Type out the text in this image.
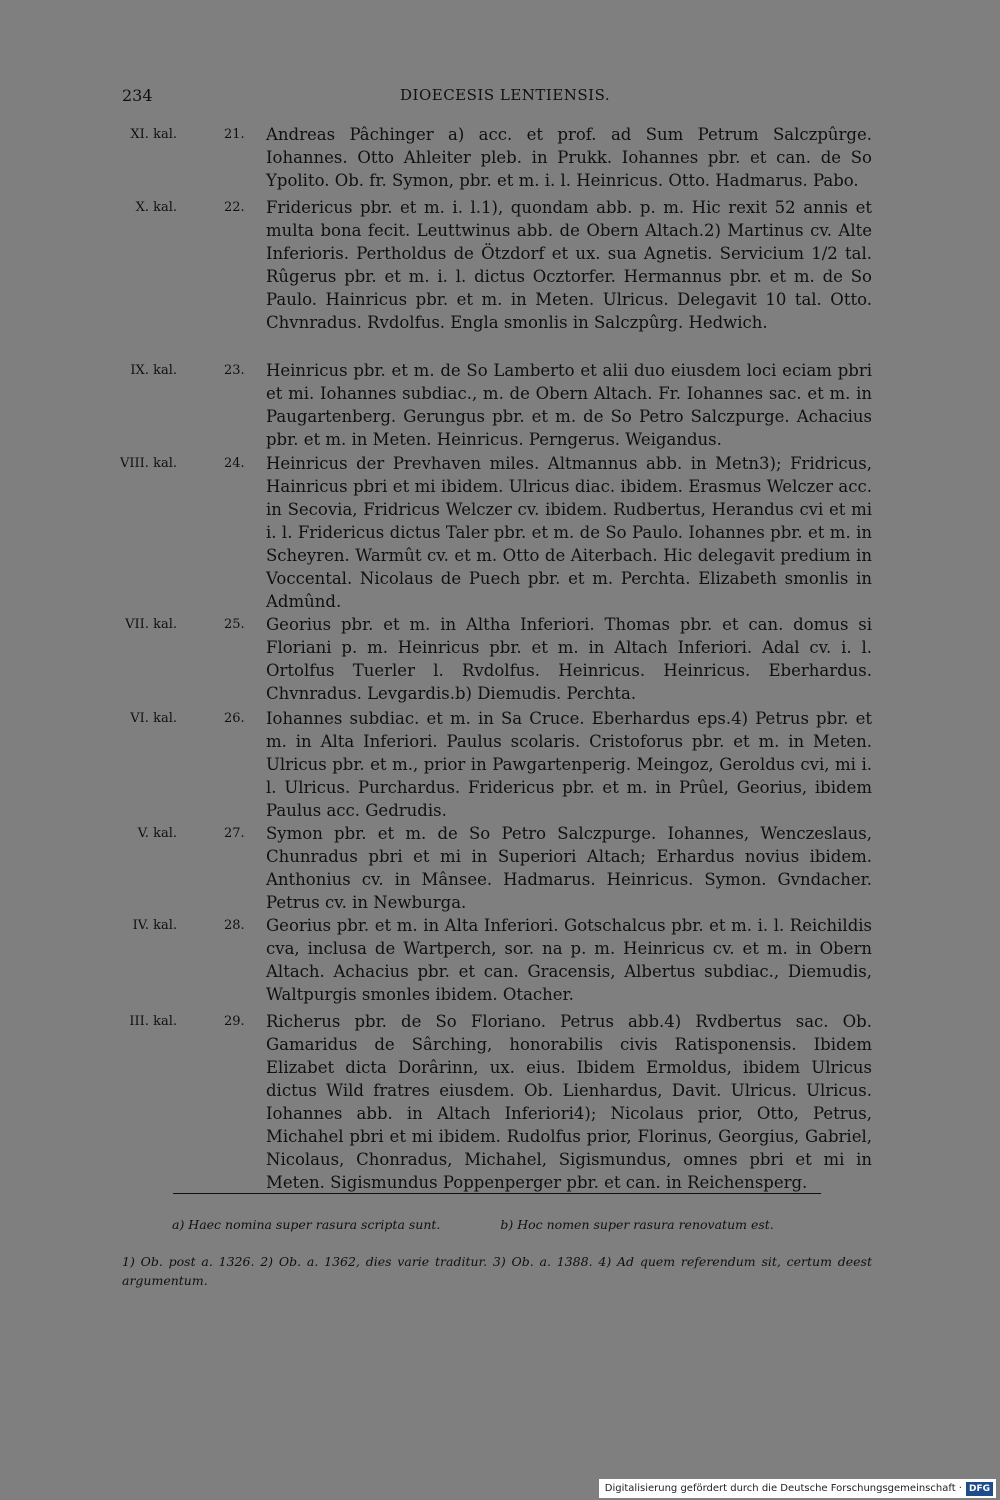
234	DIOECESIS LENTIENSIS.
XI. kal.	21. Andreas Pâchinger a) acc. et prof. ad Sum Petrum Salczpûrge. Iohannes. Otto Ahleiter pleb. in Prukk. Iohannes pbr. et can. de So Ypolito. Ob. fr. Symon, pbr. et m. i. l. Heinricus. Otto. Hadmarus. Pabo.

X. kal.	22. Fridericus pbr. et m. i. l.1), quondam abb. p. m. Hic rexit 52 annis et multa bona fecit. Leuttwinus abb. de Obern Altach.2) Martinus cv. Alte Inferioris. Pertholdus de Ötzdorf et ux. sua Agnetis. Servicium 1/2 tal. Rûgerus pbr. et m. i. l. dictus Ocztorfer. Hermannus pbr. et m. de So Paulo. Hainricus pbr. et m. in Meten. Ulricus. Delegavit 10 tal. Otto. Chvnradus. Rvdolfus. Engla smonlis in Salczpûrg. Hedwich.

IX. kal.	23. Heinricus pbr. et m. de So Lamberto et alii duo eiusdem loci eciam pbri et mi. Iohannes subdiac., m. de Obern Altach. Fr. Iohannes sac. et m. in Paugartenberg. Gerungus pbr. et m. de So Petro Salczpurge. Achacius pbr. et m. in Meten. Heinricus. Perngerus. Weigandus.

VIII. kal.	24. Heinricus der Prevhaven miles. Altmannus abb. in Metn3); Fridricus, Hainricus pbri et mi ibidem. Ulricus diac. ibidem. Erasmus Welczer acc. in Secovia, Fridricus Welczer cv. ibidem. Rudbertus, Herandus cvi et mi i. l. Fridericus dictus Taler pbr. et m. de So Paulo. Iohannes pbr. et m. in Scheyren. Warmût cv. et m. Otto de Aiterbach. Hic delegavit predium in Voccental. Nicolaus de Puech pbr. et m. Perchta. Elizabeth smonlis in Admûnd.

VII. kal.	25. Georius pbr. et m. in Altha Inferiori. Thomas pbr. et can. domus si Floriani p. m. Heinricus pbr. et m. in Altach Inferiori. Adal cv. i. l. Ortolfus Tuerler l. Rvdolfus. Heinricus. Heinricus. Eberhardus. Chvnradus. Levgardis.b) Diemudis. Perchta.

VI. kal.	26. Iohannes subdiac. et m. in Sa Cruce. Eberhardus eps.4) Petrus pbr. et m. in Alta Inferiori. Paulus scolaris. Cristoforus pbr. et m. in Meten. Ulricus pbr. et m., prior in Pawgartenperig. Meingoz, Geroldus cvi, mi i. l. Ulricus. Purchardus. Fridericus pbr. et m. in Prûel, Georius, ibidem Paulus acc. Gedrudis.

V. kal.	27. Symon pbr. et m. de So Petro Salczpurge. Iohannes, Wenczeslaus, Chunradus pbri et mi in Superiori Altach; Erhardus novius ibidem. Anthonius cv. in Mânsee. Hadmarus. Heinricus. Symon. Gvndacher. Petrus cv. in Newburga.

IV. kal.	28. Georius pbr. et m. in Alta Inferiori. Gotschalcus pbr. et m. i. l. Reichildis cva, inclusa de Wartperch, sor. na p. m. Heinricus cv. et m. in Obern Altach. Achacius pbr. et can. Gracensis, Albertus subdiac., Diemudis, Waltpurgis smonles ibidem. Otacher.

III. kal.	29. Richerus pbr. de So Floriano. Petrus abb.4) Rvdbertus sac. Ob. Gamaridus de Sârching, honorabilis civis Ratisponensis. Ibidem Elizabet dicta Dorârinn, ux. eius. Ibidem Ermoldus, ibidem Ulricus dictus Wild fratres eiusdem. Ob. Lienhardus, Davit. Ulricus. Ulricus. Iohannes abb. in Altach Inferiori4); Nicolaus prior, Otto, Petrus, Michahel pbri et mi ibidem. Rudolfus prior, Florinus, Georgius, Gabriel, Nicolaus, Chonradus, Michahel, Sigismundus, omnes pbri et mi in Meten. Sigismundus Poppenperger pbr. et can. in Reichensperg.

a) Haec nomina super rasura scripta sunt.	b) Hoc nomen super rasura renovatum est.
1) Ob. post a. 1326. 2) Ob. a. 1362, dies varie traditur. 3) Ob. a. 1388. 4) Ad quem referendum sit, certum deest argumentum.
Digitalisierung gefördert durch die Deutsche Forschungsgemeinschaft · DFG
